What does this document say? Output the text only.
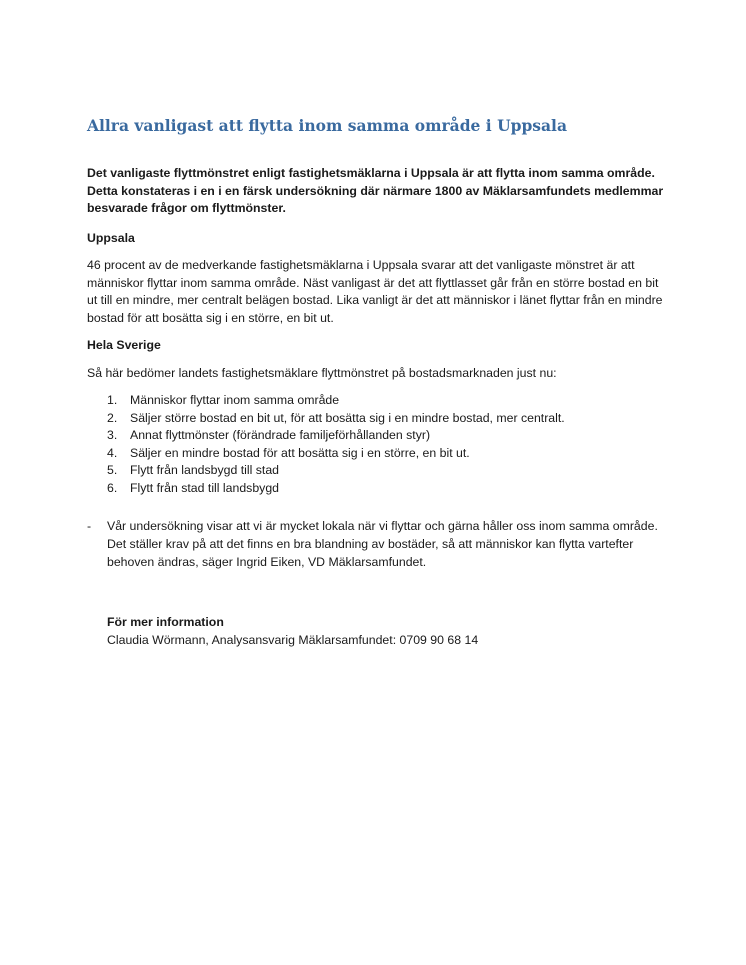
Allra vanligast att flytta inom samma område i Uppsala

Det vanligaste flyttmönstret enligt fastighetsmäklarna i Uppsala är att flytta inom samma område. Detta konstateras i en i en färsk undersökning där närmare 1800 av Mäklarsamfundets medlemmar besvarade frågor om flyttmönster.

Uppsala

46 procent av de medverkande fastighetsmäklarna i Uppsala svarar att det vanligaste mönstret är att människor flyttar inom samma område. Näst vanligast är det att flyttlasset går från en större bostad en bit ut till en mindre, mer centralt belägen bostad. Lika vanligt är det att människor i länet flyttar från en mindre bostad för att bosätta sig i en större, en bit ut.

Hela Sverige

Så här bedömer landets fastighetsmäklare flyttmönstret på bostadsmarknaden just nu:

1.	Människor flyttar inom samma område
2.	Säljer större bostad en bit ut, för att bosätta sig i en mindre bostad, mer centralt.
3.	Annat flyttmönster (förändrade familjeförhållanden styr)
4.	Säljer en mindre bostad för att bosätta sig i en större, en bit ut.
5.	Flytt från landsbygd till stad
6.	Flytt från stad till landsbygd

- Vår undersökning visar att vi är mycket lokala när vi flyttar och gärna håller oss inom samma område. Det ställer krav på att det finns en bra blandning av bostäder, så att människor kan flytta vartefter behoven ändras, säger Ingrid Eiken, VD Mäklarsamfundet.

För mer information

Claudia Wörmann, Analysansvarig Mäklarsamfundet: 0709 90 68 14
